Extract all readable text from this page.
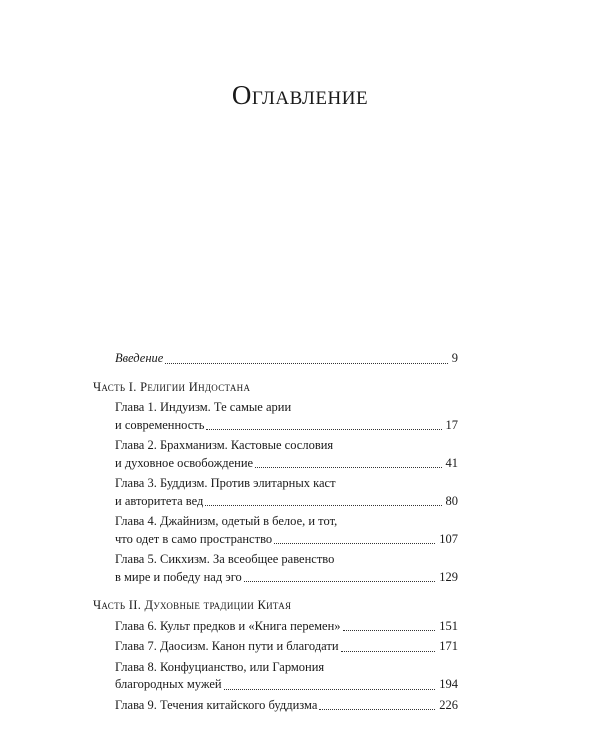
Оглавление
Введение	9
Часть I. Религии Индостана
Глава 1. Индуизм. Те самые арии
и современность	17
Глава 2. Брахманизм. Кастовые сословия
и духовное освобождение	41
Глава 3. Буддизм. Против элитарных каст
и авторитета вед	80
Глава 4. Джайнизм, одетый в белое, и тот,
что одет в само пространство	107
Глава 5. Сикхизм. За всеобщее равенство
в мире и победу над эго	129
Часть II. Духовные традиции Китая
Глава 6. Культ предков и «Книга перемен»	151
Глава 7. Даосизм. Канон пути и благодати	171
Глава 8. Конфуцианство, или Гармония
благородных мужей	194
Глава 9. Течения китайского буддизма	226
